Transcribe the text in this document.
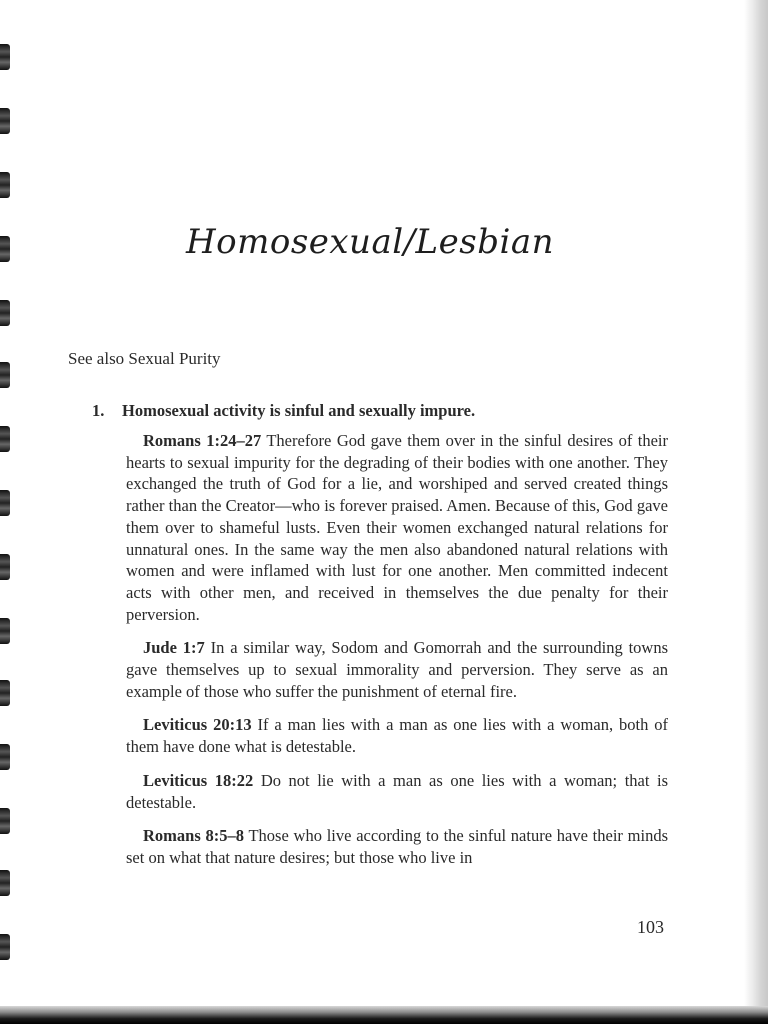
Homosexual/Lesbian
See also Sexual Purity
1. Homosexual activity is sinful and sexually impure.

Romans 1:24–27 Therefore God gave them over in the sinful desires of their hearts to sexual impurity for the degrading of their bodies with one another. They exchanged the truth of God for a lie, and worshiped and served created things rather than the Creator—who is forever praised. Amen. Because of this, God gave them over to shameful lusts. Even their women exchanged natural relations for unnatural ones. In the same way the men also abandoned natural relations with women and were inflamed with lust for one another. Men committed indecent acts with other men, and received in themselves the due penalty for their perversion.

Jude 1:7 In a similar way, Sodom and Gomorrah and the surrounding towns gave themselves up to sexual immorality and perversion. They serve as an example of those who suffer the punishment of eternal fire.

Leviticus 20:13 If a man lies with a man as one lies with a woman, both of them have done what is detestable.

Leviticus 18:22 Do not lie with a man as one lies with a woman; that is detestable.

Romans 8:5–8 Those who live according to the sinful nature have their minds set on what that nature desires; but those who live in

103
